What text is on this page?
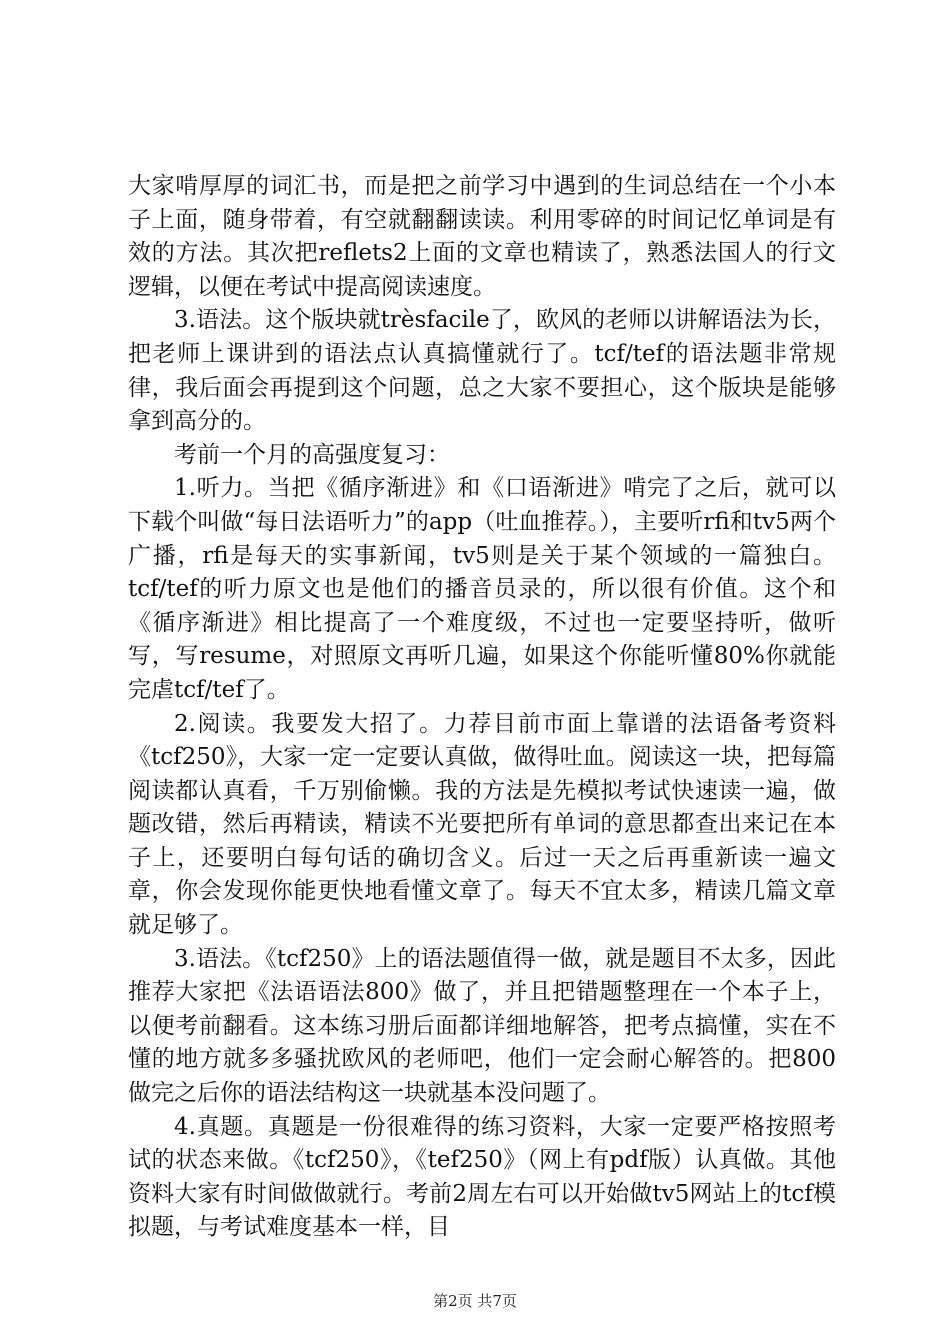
大家啃厚厚的词汇书，而是把之前学习中遇到的生词总结在一个小本子上面，随身带着，有空就翻翻读读。利用零碎的时间记忆单词是有效的方法。其次把reflets2上面的文章也精读了，熟悉法国人的行文逻辑，以便在考试中提高阅读速度。

3.语法。这个版块就trèsfacile了，欧风的老师以讲解语法为长，把老师上课讲到的语法点认真搞懂就行了。tcf/tef的语法题非常规律，我后面会再提到这个问题，总之大家不要担心，这个版块是能够拿到高分的。

考前一个月的高强度复习：

1.听力。当把《循序渐进》和《口语渐进》啃完了之后，就可以下载个叫做“每日法语听力”的app（吐血推荐。），主要听rfi和tv5两个广播，rfi是每天的实事新闻，tv5则是关于某个领域的一篇独白。tcf/tef的听力原文也是他们的播音员录的，所以很有价值。这个和《循序渐进》相比提高了一个难度级，不过也一定要坚持听，做听写，写resume，对照原文再听几遍，如果这个你能听懂80%你就能完虐tcf/tef了。

2.阅读。我要发大招了。力荐目前市面上靠谱的法语备考资料《tcf250》，大家一定一定要认真做，做得吐血。阅读这一块，把每篇阅读都认真看，千万别偷懒。我的方法是先模拟考试快速读一遍，做题改错，然后再精读，精读不光要把所有单词的意思都查出来记在本子上，还要明白每句话的确切含义。后过一天之后再重新读一遍文章，你会发现你能更快地看懂文章了。每天不宜太多，精读几篇文章就足够了。

3.语法。《tcf250》上的语法题值得一做，就是题目不太多，因此推荐大家把《法语语法800》做了，并且把错题整理在一个本子上，以便考前翻看。这本练习册后面都详细地解答，把考点搞懂，实在不懂的地方就多多骚扰欧风的老师吧，他们一定会耐心解答的。把800做完之后你的语法结构这一块就基本没问题了。

4.真题。真题是一份很难得的练习资料，大家一定要严格按照考试的状态来做。《tcf250》，《tef250》（网上有pdf版）认真做。其他资料大家有时间做做就行。考前2周左右可以开始做tv5网站上的tcf模拟题，与考试难度基本一样，目

第2页 共7页
